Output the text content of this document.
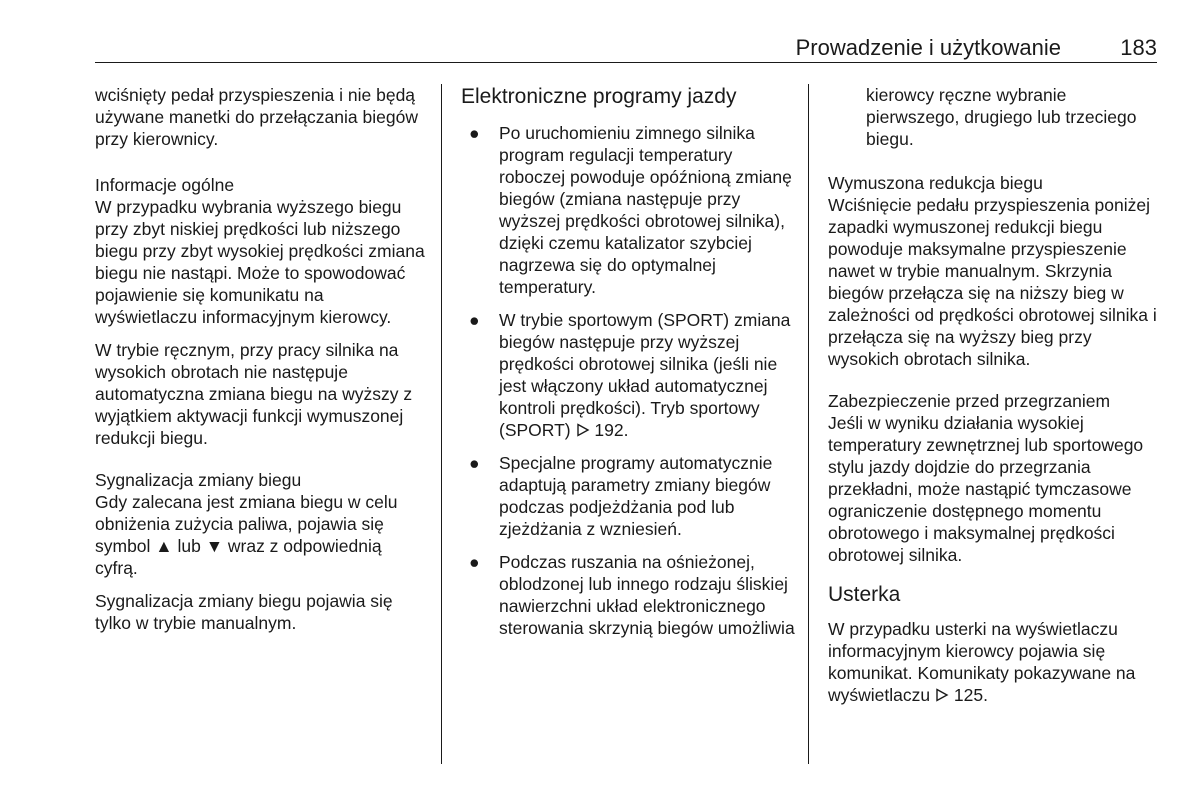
Prowadzenie i użytkowanie	183

wciśnięty pedał przyspieszenia i nie będą używane manetki do przełączania biegów przy kierownicy.

Informacje ogólne

W przypadku wybrania wyższego biegu przy zbyt niskiej prędkości lub niższego biegu przy zbyt wysokiej prędkości zmiana biegu nie nastąpi. Może to spowodować pojawienie się komunikatu na wyświetlaczu informacyjnym kierowcy.

W trybie ręcznym, przy pracy silnika na wysokich obrotach nie następuje automatyczna zmiana biegu na wyższy z wyjątkiem aktywacji funkcji wymuszonej redukcji biegu.

Sygnalizacja zmiany biegu

Gdy zalecana jest zmiana biegu w celu obniżenia zużycia paliwa, pojawia się symbol ▲ lub ▼ wraz z odpowiednią cyfrą.

Sygnalizacja zmiany biegu pojawia się tylko w trybie manualnym.

Elektroniczne programy jazdy
● Po uruchomieniu zimnego silnika program regulacji temperatury roboczej powoduje opóźnioną zmianę biegów (zmiana następuje przy wyższej prędkości obrotowej silnika), dzięki czemu katalizator szybciej nagrzewa się do optymalnej temperatury.
● W trybie sportowym (SPORT) zmiana biegów następuje przy wyższej prędkości obrotowej silnika (jeśli nie jest włączony układ automatycznej kontroli prędkości). Tryb sportowy (SPORT) 192.
● Specjalne programy automatycznie adaptują parametry zmiany biegów podczas podjeżdżania pod lub zjeżdżania z wzniesień.
● Podczas ruszania na ośnieżonej, oblodzonej lub innego rodzaju śliskiej nawierzchni układ elektronicznego sterowania skrzynią biegów umożliwia

kierowcy ręczne wybranie pierwszego, drugiego lub trzeciego biegu.

Wymuszona redukcja biegu

Wciśnięcie pedału przyspieszenia poniżej zapadki wymuszonej redukcji biegu powoduje maksymalne przyspieszenie nawet w trybie manualnym. Skrzynia biegów przełącza się na niższy bieg w zależności od prędkości obrotowej silnika i przełącza się na wyższy bieg przy wysokich obrotach silnika.

Zabezpieczenie przed przegrzaniem

Jeśli w wyniku działania wysokiej temperatury zewnętrznej lub sportowego stylu jazdy dojdzie do przegrzania przekładni, może nastąpić tymczasowe ograniczenie dostępnego momentu obrotowego i maksymalnej prędkości obrotowej silnika.

Usterka

W przypadku usterki na wyświetlaczu informacyjnym kierowcy pojawia się komunikat. Komunikaty pokazywane na wyświetlaczu 125.
